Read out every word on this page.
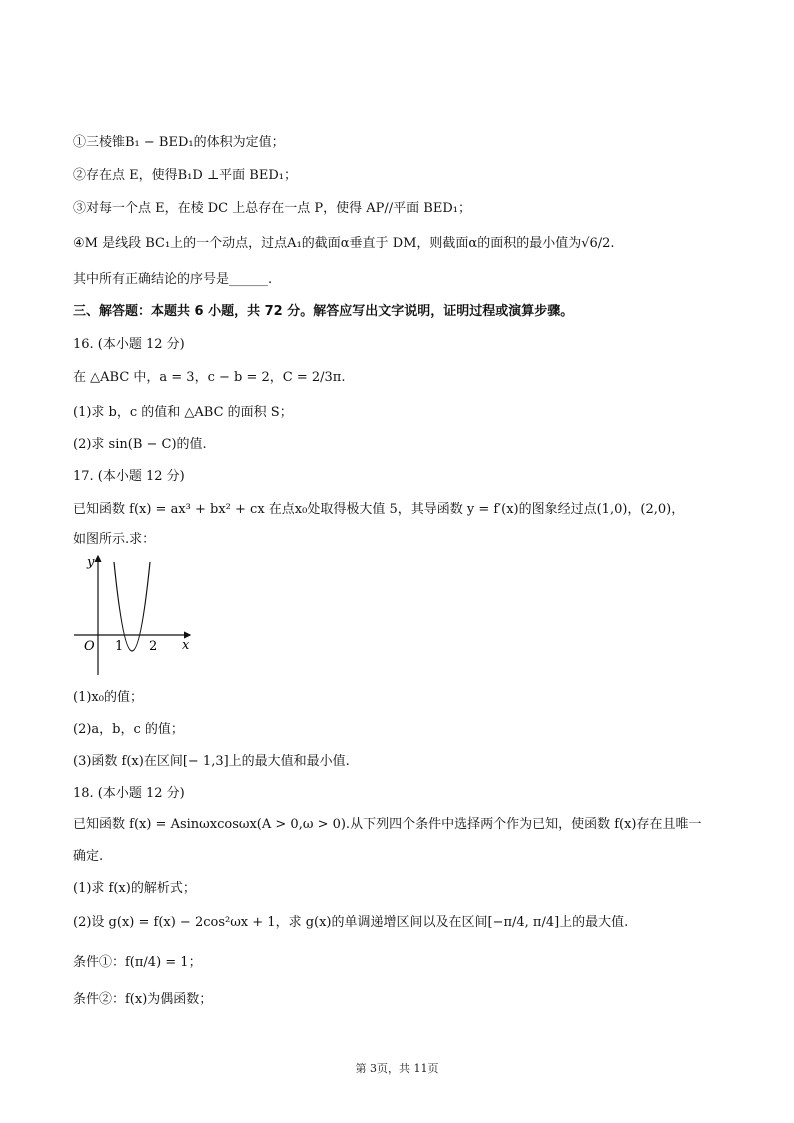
①三棱锥B₁ − BED₁的体积为定值；
②存在点 E，使得B₁D ⊥平面 BED₁；
③对每一个点 E，在棱 DC 上总存在一点 P，使得 AP//平面 BED₁；
④M 是线段 BC₁上的一个动点，过点A₁的截面α垂直于 DM，则截面α的面积的最小值为√6/2.
其中所有正确结论的序号是______.
三、解答题：本题共 6 小题，共 72 分。解答应写出文字说明，证明过程或演算步骤。
16. (本小题 12 分)
在 △ABC 中，a = 3，c − b = 2，C = 2/3π.
(1)求 b，c 的值和 △ABC 的面积 S；
(2)求 sin(B − C)的值.
17. (本小题 12 分)
已知函数 f(x) = ax³ + bx² + cx 在点x₀处取得极大值 5，其导函数 y = f′(x)的图象经过点(1,0)，(2,0)，
如图所示.求：
y
x
O 1 2
(1)x₀的值；
(2)a，b，c 的值；
(3)函数 f(x)在区间[− 1,3]上的最大值和最小值.
18. (本小题 12 分)
已知函数 f(x) = Asinωxcosωx(A > 0,ω > 0).从下列四个条件中选择两个作为已知，使函数 f(x)存在且唯一
确定.
(1)求 f(x)的解析式；
(2)设 g(x) = f(x) − 2cos²ωx + 1，求 g(x)的单调递增区间以及在区间[−π/4, π/4]上的最大值.
条件①：f(π/4) = 1；
条件②：f(x)为偶函数；
第 3页，共 11页
